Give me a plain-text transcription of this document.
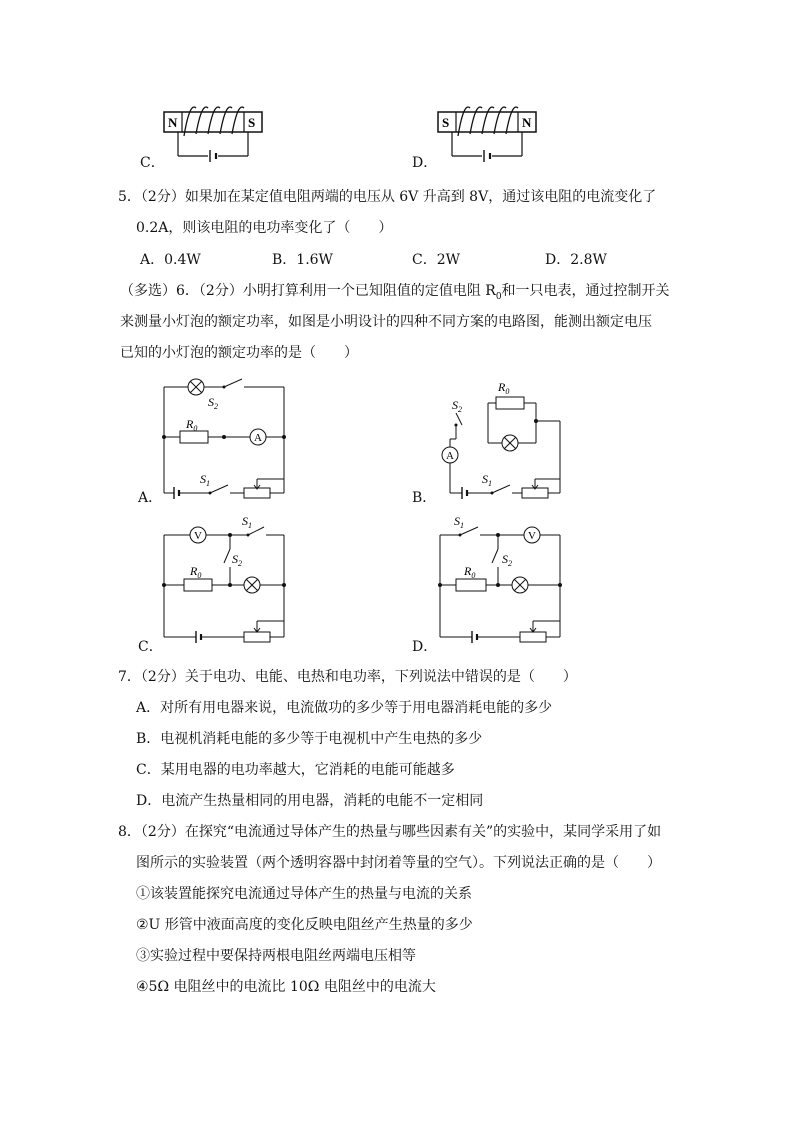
C．
N	S
D．
S	N
5．（2分）如果加在某定值电阻两端的电压从 6V 升高到 8V，通过该电阻的电流变化了
0.2A，则该电阻的电功率变化了（　　）
A．0.4W	B．1.6W	C．2W	D．2.8W
（多选）6．（2分）小明打算利用一个已知阻值的定值电阻 $R_0$和一只电表，通过控制开关
来测量小灯泡的额定功率，如图是小明设计的四种不同方案的电路图，能测出额定电压
已知的小灯泡的额定功率的是（　　）
A．
$S_2$
$R_0$
A
$S_1$
B．
$R_0$
$S_2$
A
$S_1$
C．
V
$S_1$
$S_2$
$R_0$
D．
$S_1$
V
$S_2$
$R_0$
7．（2分）关于电功、电能、电热和电功率，下列说法中错误的是（　　）
A．对所有用电器来说，电流做功的多少等于用电器消耗电能的多少
B．电视机消耗电能的多少等于电视机中产生电热的多少
C．某用电器的电功率越大，它消耗的电能可能越多
D．电流产生热量相同的用电器，消耗的电能不一定相同
8．（2分）在探究“电流通过导体产生的热量与哪些因素有关”的实验中，某同学采用了如
图所示的实验装置（两个透明容器中封闭着等量的空气）。下列说法正确的是（　　）
①该装置能探究电流通过导体产生的热量与电流的关系
②U 形管中液面高度的变化反映电阻丝产生热量的多少
③实验过程中要保持两根电阻丝两端电压相等
④5Ω 电阻丝中的电流比 10Ω 电阻丝中的电流大
